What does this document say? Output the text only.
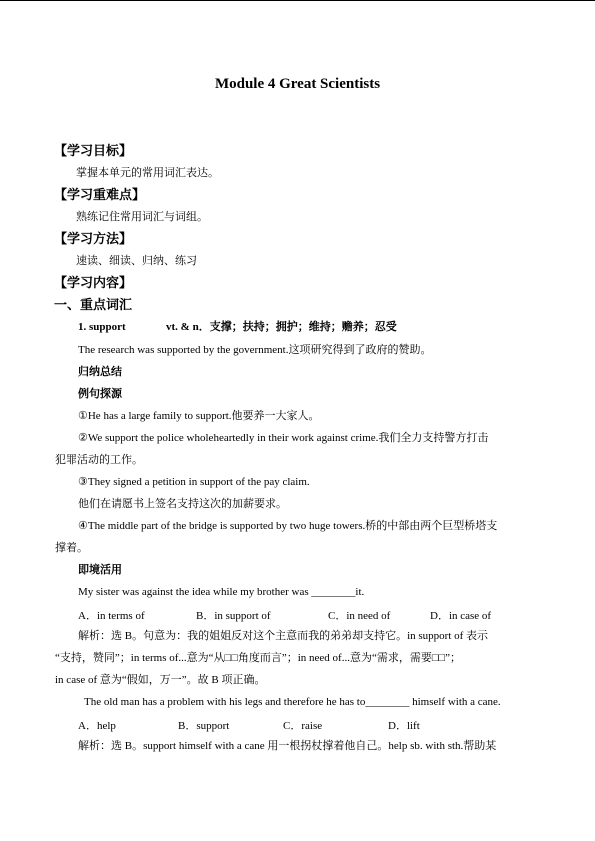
Module 4 Great Scientists
【学习目标】
掌握本单元的常用词汇表达。
【学习重难点】
熟练记住常用词汇与词组。
【学习方法】
速读、细读、归纳、练习
【学习内容】
一、重点词汇
1. support	vt. & n．支撑；扶持；拥护；维持；赡养；忍受
The research was supported by the government.这项研究得到了政府的赞助。
归纳总结
例句探源
①He has a large family to support.他要养一大家人。
②We support the police wholeheartedly in their work against crime.我们全力支持警方打击
犯罪活动的工作。
③They signed a petition in support of the pay claim.
他们在请愿书上签名支持这次的加薪要求。
④The middle part of the bridge is supported by two huge towers.桥的中部由两个巨型桥塔支
撑着。
即境活用
My sister was against the idea while my brother was ________it.
A．in terms of	B．in support of	C．in need of	D．in case of
解析：选 B。句意为：我的姐姐反对这个主意而我的弟弟却支持它。in support of 表示
“支持，赞同”；in terms of...意为“从□□角度而言”；in need of...意为“需求，需要□□”；
in case of 意为“假如，万一”。故 B 项正确。
The old man has a problem with his legs and therefore he has to________ himself with a cane.
A．help	B．support	C．raise	D．lift
解析：选 B。support himself with a cane 用一根拐杖撑着他自己。help sb. with sth.帮助某
